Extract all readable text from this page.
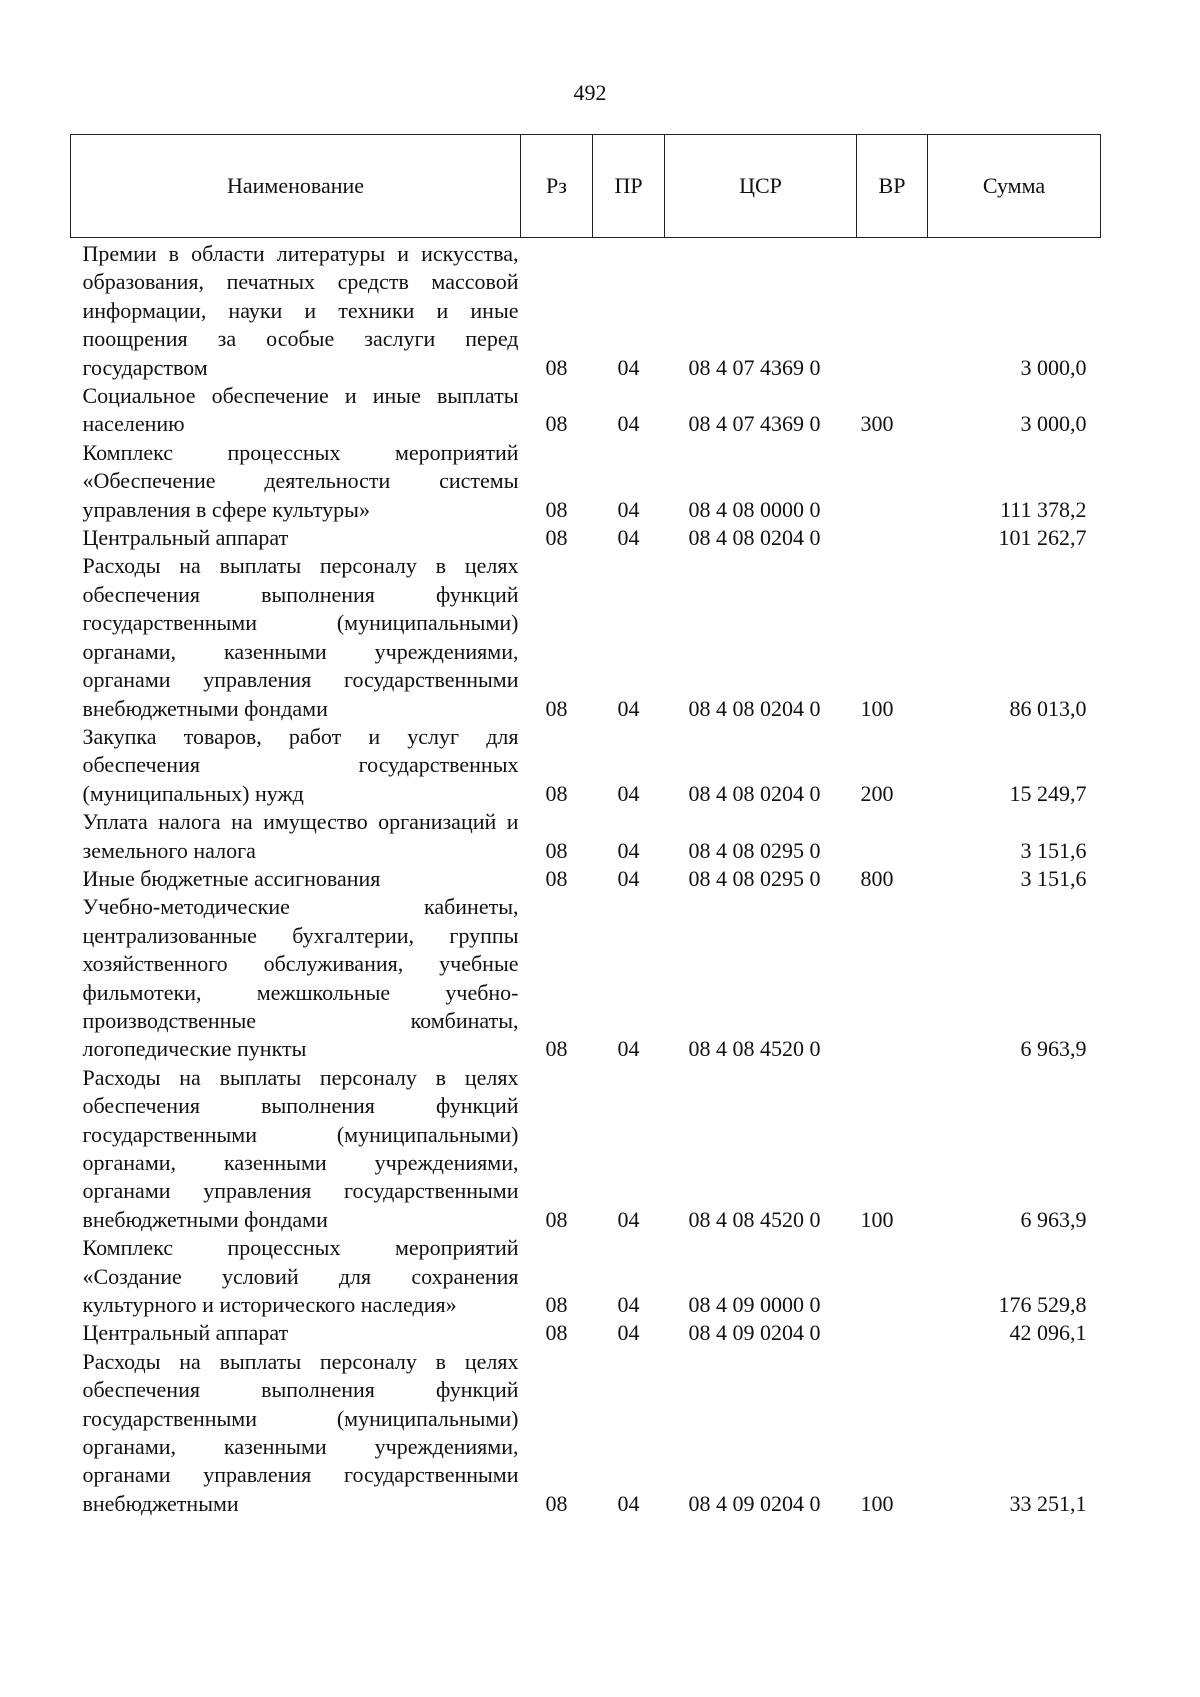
492
Наименование	Рз	ПР	ЦСР	ВР	Сумма
Премии в области литературы и искусства, образования, печатных средств массовой информации, науки и техники и иные поощрения за особые заслуги перед государством	08	04	08 4 07 4369 0		3 000,0
Социальное обеспечение и иные выплаты населению	08	04	08 4 07 4369 0	300	3 000,0
Комплекс процессных мероприятий «Обеспечение деятельности системы управления в сфере культуры»	08	04	08 4 08 0000 0		111 378,2
Центральный аппарат	08	04	08 4 08 0204 0		101 262,7
Расходы на выплаты персоналу в целях обеспечения выполнения функций государственными (муниципальными) органами, казенными учреждениями, органами управления государственными внебюджетными фондами	08	04	08 4 08 0204 0	100	86 013,0
Закупка товаров, работ и услуг для обеспечения государственных (муниципальных) нужд	08	04	08 4 08 0204 0	200	15 249,7
Уплата налога на имущество организаций и земельного налога	08	04	08 4 08 0295 0		3 151,6
Иные бюджетные ассигнования	08	04	08 4 08 0295 0	800	3 151,6
Учебно-методические кабинеты, централизованные бухгалтерии, группы хозяйственного обслуживания, учебные фильмотеки, межшкольные учебно-производственные комбинаты, логопедические пункты	08	04	08 4 08 4520 0		6 963,9
Расходы на выплаты персоналу в целях обеспечения выполнения функций государственными (муниципальными) органами, казенными учреждениями, органами управления государственными внебюджетными фондами	08	04	08 4 08 4520 0	100	6 963,9
Комплекс процессных мероприятий «Создание условий для сохранения культурного и исторического наследия»	08	04	08 4 09 0000 0		176 529,8
Центральный аппарат	08	04	08 4 09 0204 0		42 096,1
Расходы на выплаты персоналу в целях обеспечения выполнения функций государственными (муниципальными) органами, казенными учреждениями, органами управления государственными внебюджетными	08	04	08 4 09 0204 0	100	33 251,1
